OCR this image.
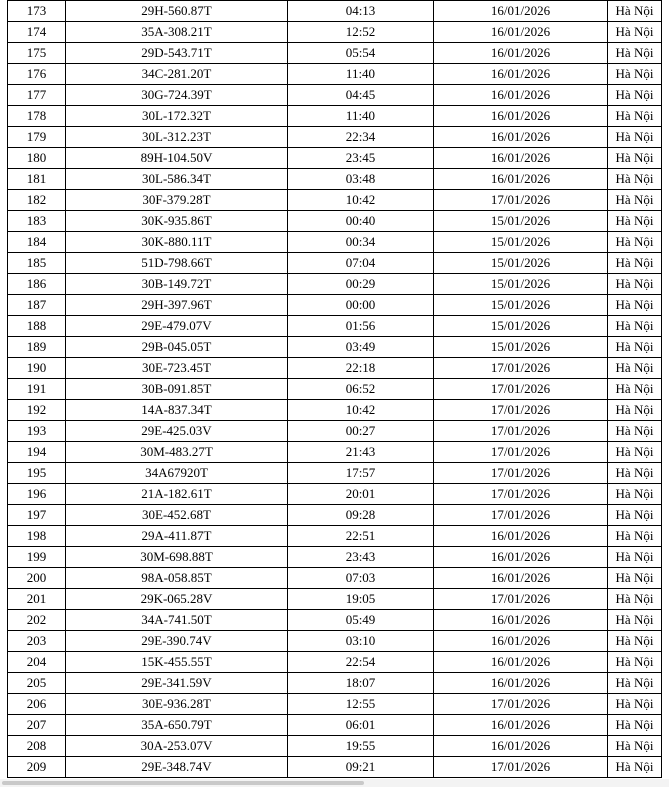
173	29H-560.87T	04:13	16/01/2026	Hà Nội
174	35A-308.21T	12:52	16/01/2026	Hà Nội
175	29D-543.71T	05:54	16/01/2026	Hà Nội
176	34C-281.20T	11:40	16/01/2026	Hà Nội
177	30G-724.39T	04:45	16/01/2026	Hà Nội
178	30L-172.32T	11:40	16/01/2026	Hà Nội
179	30L-312.23T	22:34	16/01/2026	Hà Nội
180	89H-104.50V	23:45	16/01/2026	Hà Nội
181	30L-586.34T	03:48	16/01/2026	Hà Nội
182	30F-379.28T	10:42	17/01/2026	Hà Nội
183	30K-935.86T	00:40	15/01/2026	Hà Nội
184	30K-880.11T	00:34	15/01/2026	Hà Nội
185	51D-798.66T	07:04	15/01/2026	Hà Nội
186	30B-149.72T	00:29	15/01/2026	Hà Nội
187	29H-397.96T	00:00	15/01/2026	Hà Nội
188	29E-479.07V	01:56	15/01/2026	Hà Nội
189	29B-045.05T	03:49	15/01/2026	Hà Nội
190	30E-723.45T	22:18	17/01/2026	Hà Nội
191	30B-091.85T	06:52	17/01/2026	Hà Nội
192	14A-837.34T	10:42	17/01/2026	Hà Nội
193	29E-425.03V	00:27	17/01/2026	Hà Nội
194	30M-483.27T	21:43	17/01/2026	Hà Nội
195	34A67920T	17:57	17/01/2026	Hà Nội
196	21A-182.61T	20:01	17/01/2026	Hà Nội
197	30E-452.68T	09:28	17/01/2026	Hà Nội
198	29A-411.87T	22:51	16/01/2026	Hà Nội
199	30M-698.88T	23:43	16/01/2026	Hà Nội
200	98A-058.85T	07:03	16/01/2026	Hà Nội
201	29K-065.28V	19:05	17/01/2026	Hà Nội
202	34A-741.50T	05:49	16/01/2026	Hà Nội
203	29E-390.74V	03:10	16/01/2026	Hà Nội
204	15K-455.55T	22:54	16/01/2026	Hà Nội
205	29E-341.59V	18:07	16/01/2026	Hà Nội
206	30E-936.28T	12:55	17/01/2026	Hà Nội
207	35A-650.79T	06:01	16/01/2026	Hà Nội
208	30A-253.07V	19:55	16/01/2026	Hà Nội
209	29E-348.74V	09:21	17/01/2026	Hà Nội
